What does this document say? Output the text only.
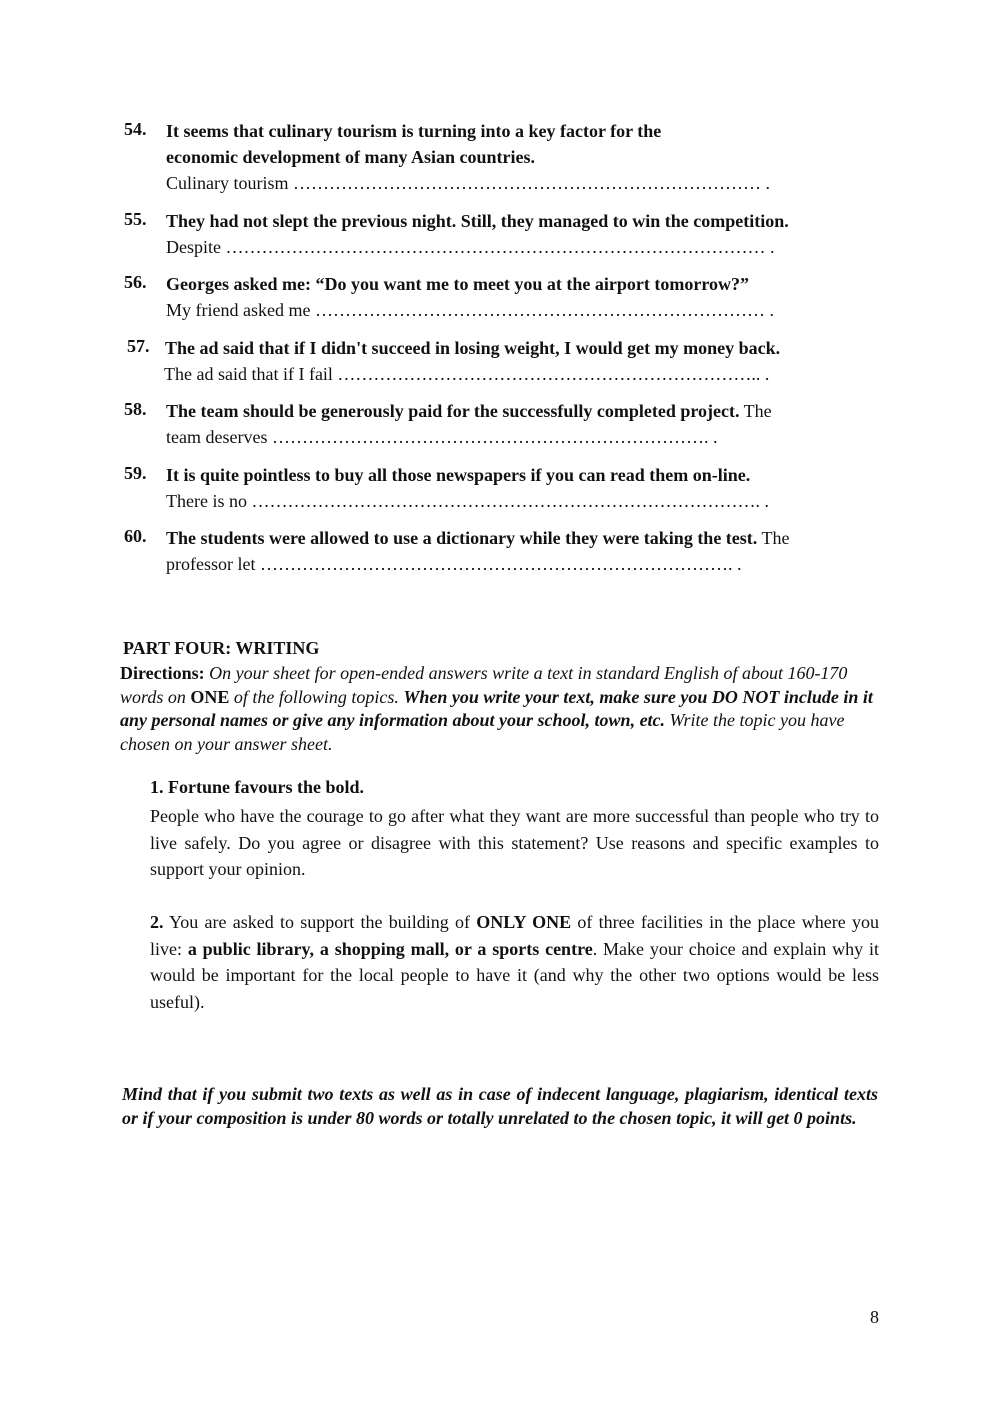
54. It seems that culinary tourism is turning into a key factor for the
economic development of many Asian countries.
Culinary tourism …………………………………………………………………… .
55. They had not slept the previous night. Still, they managed to win the competition.
Despite ……………………………………………………………………………… .
56. Georges asked me: “Do you want me to meet you at the airport tomorrow?”
My friend asked me ………………………………………………………………… .
57. The ad said that if I didn't succeed in losing weight, I would get my money back.
The ad said that if I fail …………………………………………………………….. .
58. The team should be generously paid for the successfully completed project. The
team deserves ………………………………………………………………. .
59. It is quite pointless to buy all those newspapers if you can read them on-line.
There is no …………………………………………………………………………. .
60. The students were allowed to use a dictionary while they were taking the test. The
professor let ……………………………………………………………………. .
PART FOUR: WRITING
Directions: On your sheet for open-ended answers write a text in standard English of about 160-170 words on ONE of the following topics. When you write your text, make sure you DO NOT include in it any personal names or give any information about your school, town, etc. Write the topic you have chosen on your answer sheet.
1. Fortune favours the bold.
People who have the courage to go after what they want are more successful than people who try to live safely. Do you agree or disagree with this statement? Use reasons and specific examples to support your opinion.
2. You are asked to support the building of ONLY ONE of three facilities in the place where you live: a public library, a shopping mall, or a sports centre. Make your choice and explain why it would be important for the local people to have it (and why the other two options would be less useful).
Mind that if you submit two texts as well as in case of indecent language, plagiarism, identical texts or if your composition is under 80 words or totally unrelated to the chosen topic, it will get 0 points.
8
